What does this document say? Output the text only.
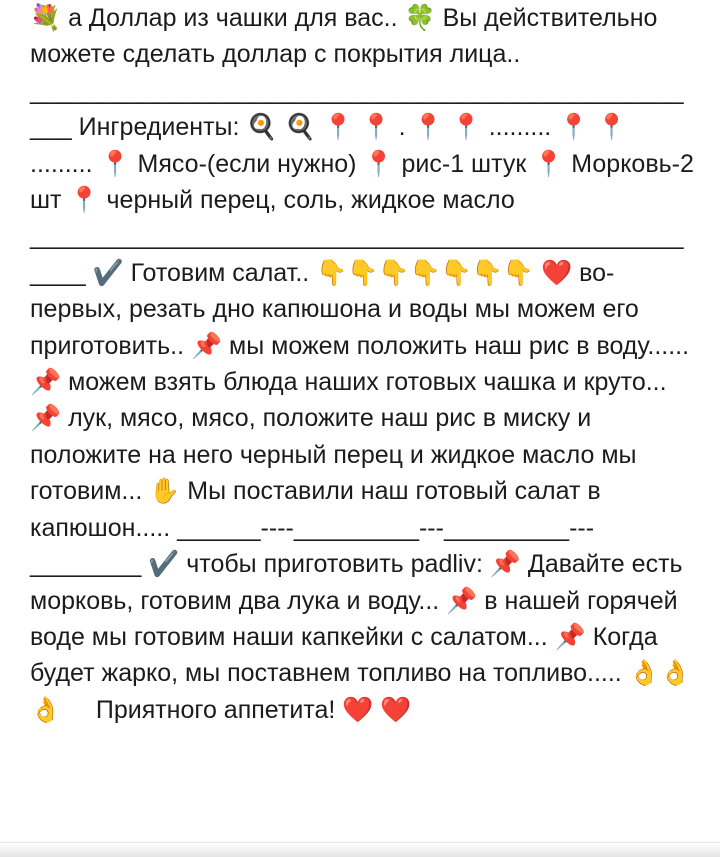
💐 а Доллар из чашки для вас.. 🍀 Вы действительно можете сделать доллар с покрытия лица..
__________________________________________________ Ингредиенты: 🍳 🍳 📍 📍 . 📍 📍 ......... 📍 📍 ......... 📍 Мясо-(если нужно) 📍 рис-1 штук 📍 Морковь-2 шт 📍 черный перец, соль, жидкое масло
___________________________________________________ ✔️ Готовим салат.. 👇👇👇👇👇👇👇 ❤️ во-первых, резать дно капюшона и воды мы можем его приготовить.. 📌 мы можем положить наш рис в воду...... 📌 можем взять блюда наших готовых чашка и круто... 📌 лук, мясо, мясо, положите наш рис в миску и положите на него черный перец и жидкое масло мы готовим... ✋ Мы поставили наш готовый салат в капюшон..... ______----_________---_________---________ ✔️ чтобы приготовить padliv: 📌 Давайте есть морковь, готовим два лука и воду... 📌 в нашей горячей воде мы готовим наши капкейки с салатом... 📌 Когда будет жарко, мы поставнем топливо на топливо..... 👌👌👌     Приятного аппетита! ❤️ ❤️
